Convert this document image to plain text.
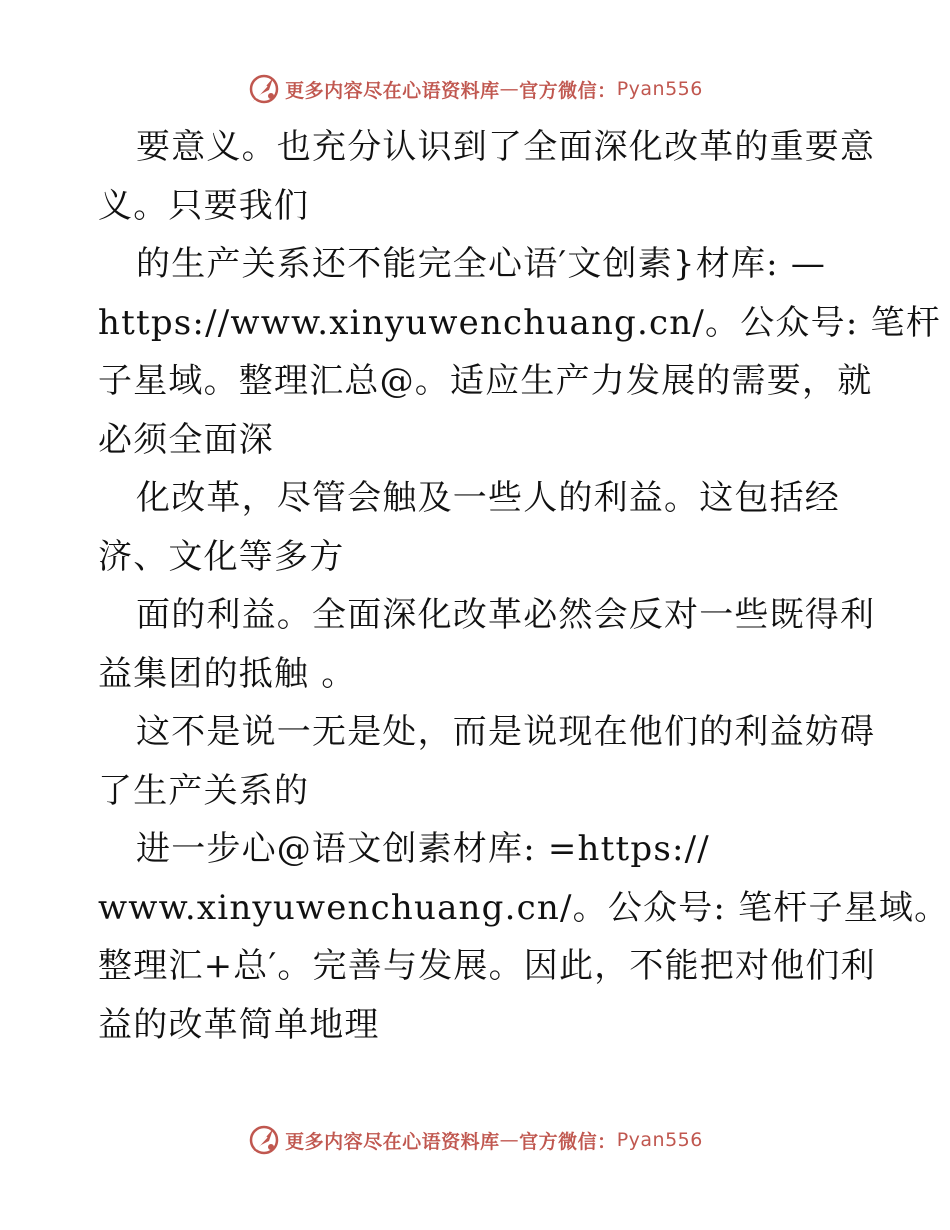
更多内容尽在心语资料库 — 官方微信： Pyan556
要意义。也充分认识到了全面深化改革的重要意
义。只要我们
的生产关系还不能完全心语′文创素}材库: —
https://www.xinyuwenchuang.cn/。公众号: 笔杆
子星域。整理汇总@。适应生产力发展的需要，就
必须全面深
化改革，尽管会触及一些人的利益。这包括经
济、文化等多方
面的利益。全面深化改革必然会反对一些既得利
益集团的抵触 。
这不是说一无是处，而是说现在他们的利益妨碍
了生产关系的
进一步心@语文创素材库: =https://
www.xinyuwenchuang.cn/。公众号: 笔杆子星域。
整理汇+总′。完善与发展。因此，不能把对他们利
益的改革简单地理
更多内容尽在心语资料库 — 官方微信： Pyan556
